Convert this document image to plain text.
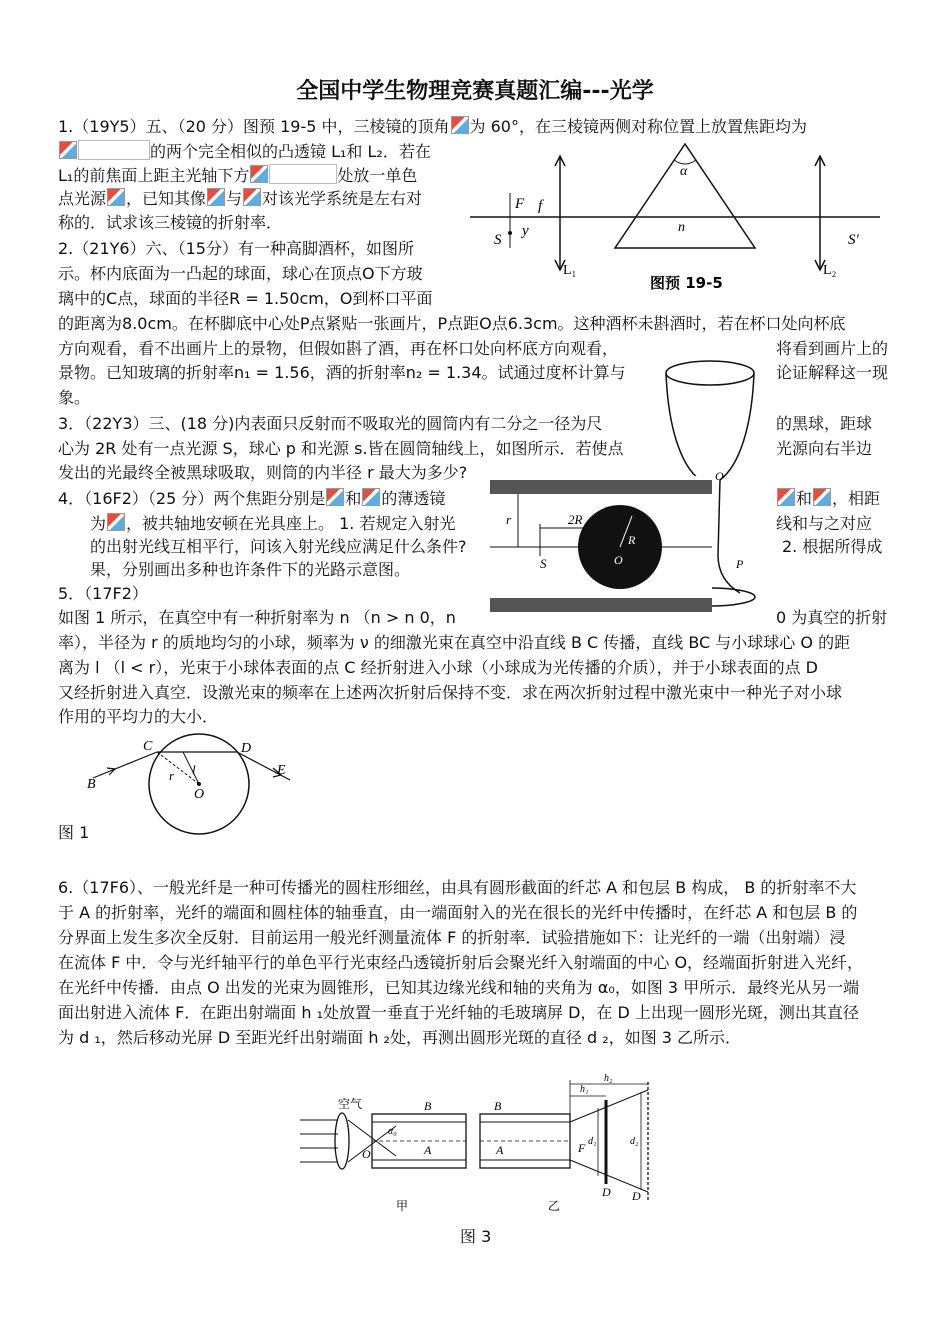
全国中学生物理竞赛真题汇编---光学
1.（19Y5）五、（20 分）图预 19-5 中，三棱镜的顶角 为 60°，在三棱镜两侧对称位置上放置焦距均为
的两个完全相似的凸透镜 L₁和 L₂．若在
L₁的前焦面上距主光轴下方	处放一单色
点光源 ，已知其像 与 对该光学系统是左右对
称的．试求该三棱镜的折射率．
F f
S
y	n
α
S'
L₁	L₂
图预 19-5
2.（21Y6）六、（15分）有一种高脚酒杯，如图所
示。杯内底面为一凸起的球面，球心在顶点O下方玻
璃中的C点，球面的半径R = 1.50cm，O到杯口平面
的距离为8.0cm。在杯脚底中心处P点紧贴一张画片，P点距O点6.3cm。这种酒杯未斟酒时，若在杯口处向杯底
方向观看，看不出画片上的景物，但假如斟了酒，再在杯口处向杯底方向观看，	将看到画片上的
景物。已知玻璃的折射率n₁ = 1.56，酒的折射率n₂ = 1.34。试通过度杯计算与	论证解释这一现
象。
O
P
3．（22Y3）三、(18 分)内表面只反射而不吸取光的圆筒内有二分之一径为尺	的黑球，距球
心为 2R 处有一点光源 S，球心 p 和光源 s.皆在圆筒轴线上，如图所示．若使点	光源向右半边
发出的光最终全被黑球吸取，则筒的内半径 r 最大为多少?
r	2R
R
S	O
4．（16F2）（25 分）两个焦距分别是 和 的薄透镜	和 ，相距
为 ，被共轴地安顿在光具座上。 1. 若规定入射光	线和与之对应
的出射光线互相平行，问该入射光线应满足什么条件?	2. 根据所得成
果，分别画出多种也许条件下的光路示意图。
5．（17F2）
如图 1 所示，在真空中有一种折射率为 n （n > n 0，n	0 为真空的折射
率），半径为 r 的质地均匀的小球，频率为 ν 的细激光束在真空中沿直线 B C 传播，直线 BC 与小球球心 O 的距
离为 l （l < r），光束于小球体表面的点 C 经折射进入小球（小球成为光传播的介质），并于小球表面的点 D
又经折射进入真空．设激光束的频率在上述两次折射后保持不变．求在两次折射过程中激光束中一种光子对小球
作用的平均力的大小．
B
C	D
E
r l
O
图 1
6.（17F6）、一般光纤是一种可传播光的圆柱形细丝，由具有圆形截面的纤芯 A 和包层 B 构成， B 的折射率不大
于 A 的折射率，光纤的端面和圆柱体的轴垂直，由一端面射入的光在很长的光纤中传播时，在纤芯 A 和包层 B 的
分界面上发生多次全反射．目前运用一般光纤测量流体 F 的折射率．试验措施如下：让光纤的一端（出射端）浸
在流体 F 中．令与光纤轴平行的单色平行光束经凸透镜折射后会聚光纤入射端面的中心 O，经端面折射进入光纤，
在光纤中传播．由点 O 出发的光束为圆锥形，已知其边缘光线和轴的夹角为 α₀，如图 3 甲所示．最终光从另一端
面出射进入流体 F．在距出射端面 h ₁处放置一垂直于光纤轴的毛玻璃屏 D，在 D 上出现一圆形光斑，测出其直径
为 d ₁，然后移动光屏 D 至距光纤出射端面 h ₂处，再测出圆形光斑的直径 d ₂，如图 3 乙所示．
空气	B	B
A	A
O
α₀
F
h₁
h₂
d₁	d₂
D D
甲	乙
图 3
